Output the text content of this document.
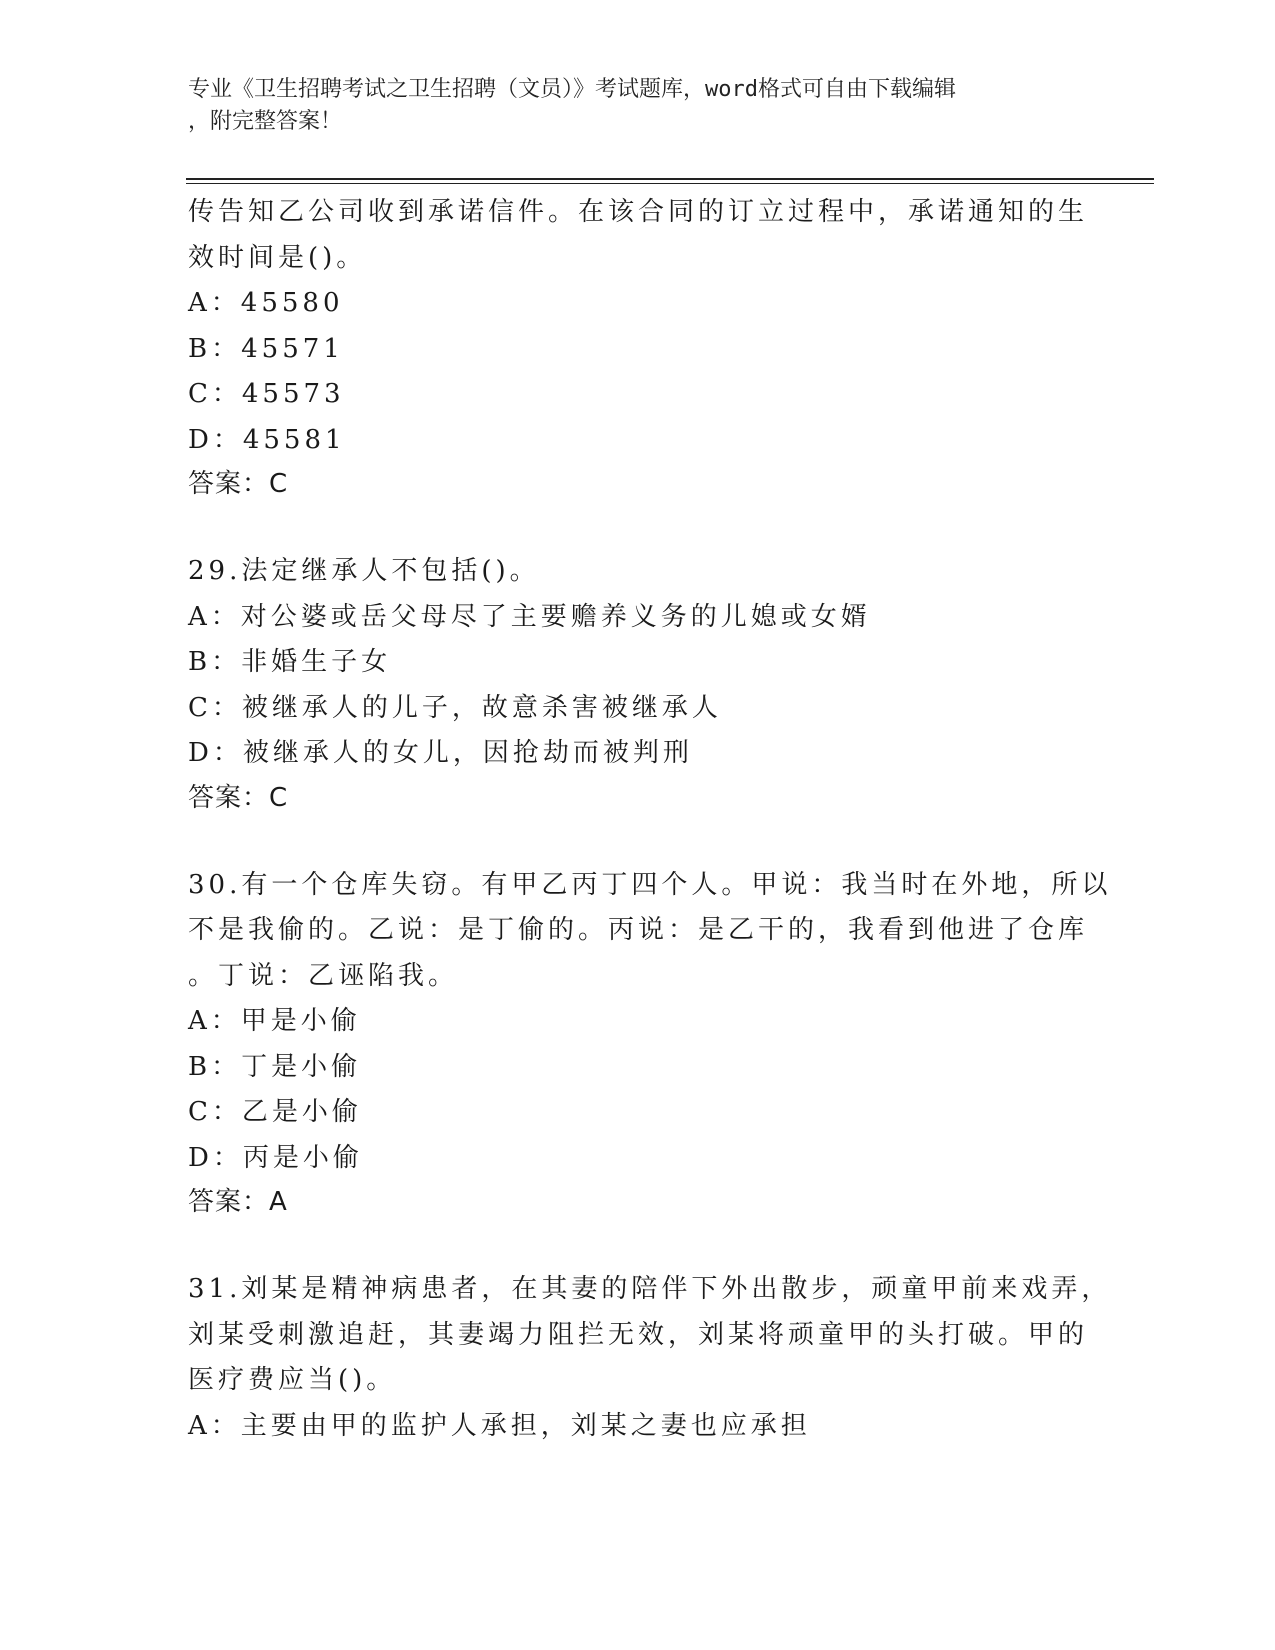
专业《卫生招聘考试之卫生招聘（文员）》考试题库，word格式可自由下载编辑
，附完整答案！
传告知乙公司收到承诺信件。在该合同的订立过程中，承诺通知的生
效时间是()。
A：45580
B：45571
C：45573
D：45581
答案：C
29.法定继承人不包括()。
A：对公婆或岳父母尽了主要赡养义务的儿媳或女婿
B：非婚生子女
C：被继承人的儿子，故意杀害被继承人
D：被继承人的女儿，因抢劫而被判刑
答案：C
30.有一个仓库失窃。有甲乙丙丁四个人。甲说：我当时在外地，所以
不是我偷的。乙说：是丁偷的。丙说：是乙干的，我看到他进了仓库
。丁说：乙诬陷我。
A：甲是小偷
B：丁是小偷
C：乙是小偷
D：丙是小偷
答案：A
31.刘某是精神病患者，在其妻的陪伴下外出散步，顽童甲前来戏弄，
刘某受刺激追赶，其妻竭力阻拦无效，刘某将顽童甲的头打破。甲的
医疗费应当()。
A：主要由甲的监护人承担，刘某之妻也应承担
